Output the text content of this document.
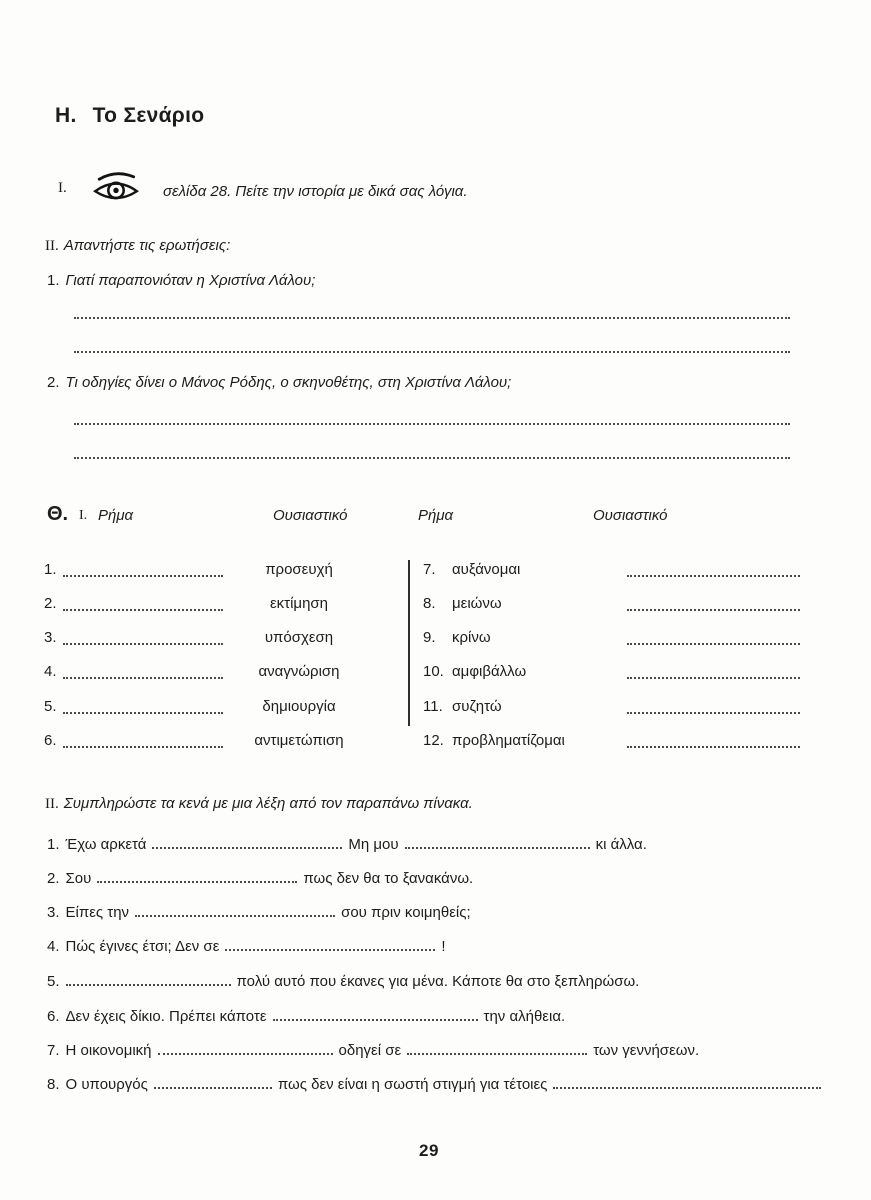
Η. Το Σενάριο
Ι.	σελίδα 28. Πείτε την ιστορία με δικά σας λόγια.
ΙΙ. Απαντήστε τις ερωτήσεις:
1. Γιατί παραπονιόταν η Χριστίνα Λάλου;
2. Τι οδηγίες δίνει ο Μάνος Ρόδης, ο σκηνοθέτης, στη Χριστίνα Λάλου;
Θ. Ι. Ρήμα	Ουσιαστικό	Ρήμα	Ουσιαστικό
1.	προσευχή	7.	αυξάνομαι
2.	εκτίμηση	8.	μειώνω
3.	υπόσχεση	9.	κρίνω
4.	αναγνώριση	10. αμφιβάλλω
5.	δημιουργία	11. συζητώ
6.	αντιμετώπιση	12. προβληματίζομαι
ΙΙ. Συμπληρώστε τα κενά με μια λέξη από τον παραπάνω πίνακα.
1. Έχω αρκετά	Μη μου	κι άλλα.
2. Σου	πως δεν θα το ξανακάνω.
3. Είπες την	σου πριν κοιμηθείς;
4. Πώς έγινες έτσι; Δεν σε	!
5.	πολύ αυτό που έκανες για μένα. Κάποτε θα στο ξεπληρώσω.
6. Δεν έχεις δίκιο. Πρέπει κάποτε	την αλήθεια.
7. Η οικονομική	οδηγεί σε	των γεννήσεων.
8. Ο υπουργός	πως δεν είναι η σωστή στιγμή για τέτοιες
29
